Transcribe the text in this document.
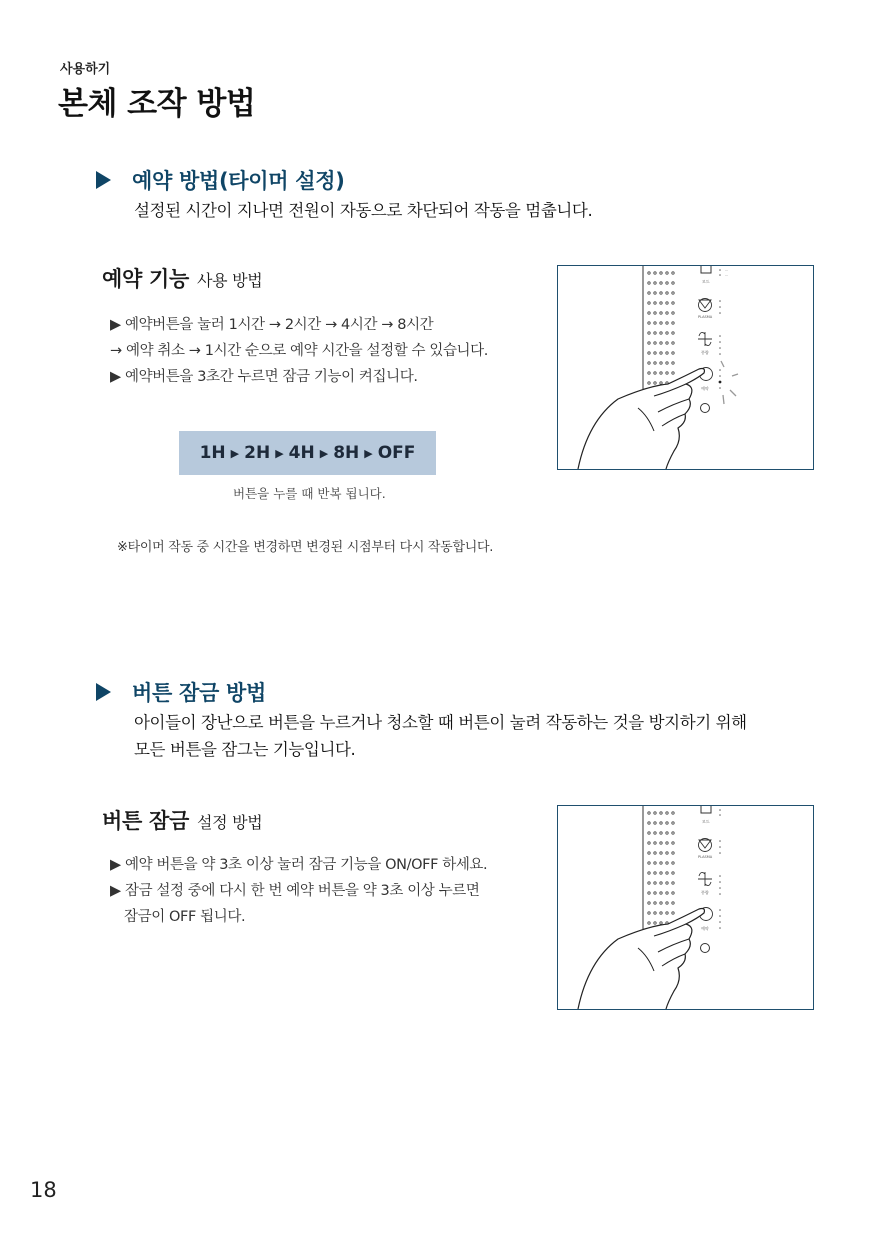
사용하기
본체 조작 방법
예약 방법(타이머 설정)
설정된 시간이 지나면 전원이 자동으로 차단되어 작동을 멈춥니다.
예약 기능 사용 방법
▶ 예약버튼을 눌러 1시간 → 2시간 → 4시간 → 8시간
→ 예약 취소 → 1시간 순으로 예약 시간을 설정할 수 있습니다.
▶ 예약버튼을 3초간 누르면 잠금 기능이 켜집니다.
1H ▶ 2H ▶ 4H ▶ 8H ▶ OFF
버튼을 누를 때 반복 됩니다.
※타이머 작동 중 시간을 변경하면 변경된 시점부터 다시 작동합니다.
모드
···
···
PLASMA
풍량
예약
버튼 잠금 방법
아이들이 장난으로 버튼을 누르거나 청소할 때 버튼이 눌려 작동하는 것을 방지하기 위해
모든 버튼을 잠그는 기능입니다.
버튼 잠금 설정 방법
▶ 예약 버튼을 약 3초 이상 눌러 잠금 기능을 ON/OFF 하세요.
▶ 잠금 설정 중에 다시 한 번 예약 버튼을 약 3초 이상 누르면
잠금이 OFF 됩니다.
모드
PLASMA
풍량
예약
18
